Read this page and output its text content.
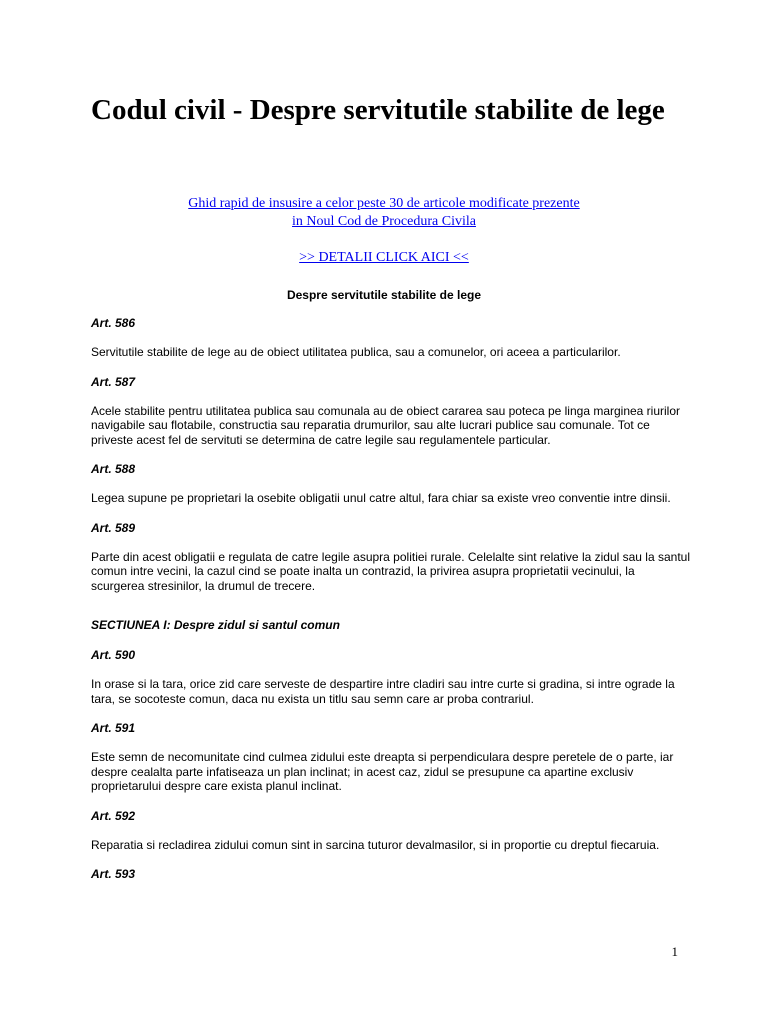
Codul civil - Despre servitutile stabilite de lege
Ghid rapid de insusire a celor peste 30 de articole modificate prezente
in Noul Cod de Procedura Civila
>> DETALII CLICK AICI <<
Despre servitutile stabilite de lege

Art. 586

Servitutile stabilite de lege au de obiect utilitatea publica, sau a comunelor, ori aceea a particularilor.

Art. 587

Acele stabilite pentru utilitatea publica sau comunala au de obiect cararea sau poteca pe linga marginea riurilor navigabile sau flotabile, constructia sau reparatia drumurilor, sau alte lucrari publice sau comunale. Tot ce priveste acest fel de servituti se determina de catre legile sau regulamentele particular.

Art. 588

Legea supune pe proprietari la osebite obligatii unul catre altul, fara chiar sa existe vreo conventie intre dinsii.

Art. 589

Parte din acest obligatii e regulata de catre legile asupra politiei rurale. Celelalte sint relative la zidul sau la santul comun intre vecini, la cazul cind se poate inalta un contrazid, la privirea asupra proprietatii vecinului, la scurgerea stresinilor, la drumul de trecere.

SECTIUNEA I: Despre zidul si santul comun

Art. 590

In orase si la tara, orice zid care serveste de despartire intre cladiri sau intre curte si gradina, si intre ograde la tara, se socoteste comun, daca nu exista un titlu sau semn care ar proba contrariul.

Art. 591

Este semn de necomunitate cind culmea zidului este dreapta si perpendiculara despre peretele de o parte, iar despre cealalta parte infatiseaza un plan inclinat; in acest caz, zidul se presupune ca apartine exclusiv proprietarului despre care exista planul inclinat.

Art. 592

Reparatia si recladirea zidului comun sint in sarcina tuturor devalmasilor, si in proportie cu dreptul fiecaruia.

Art. 593

1
